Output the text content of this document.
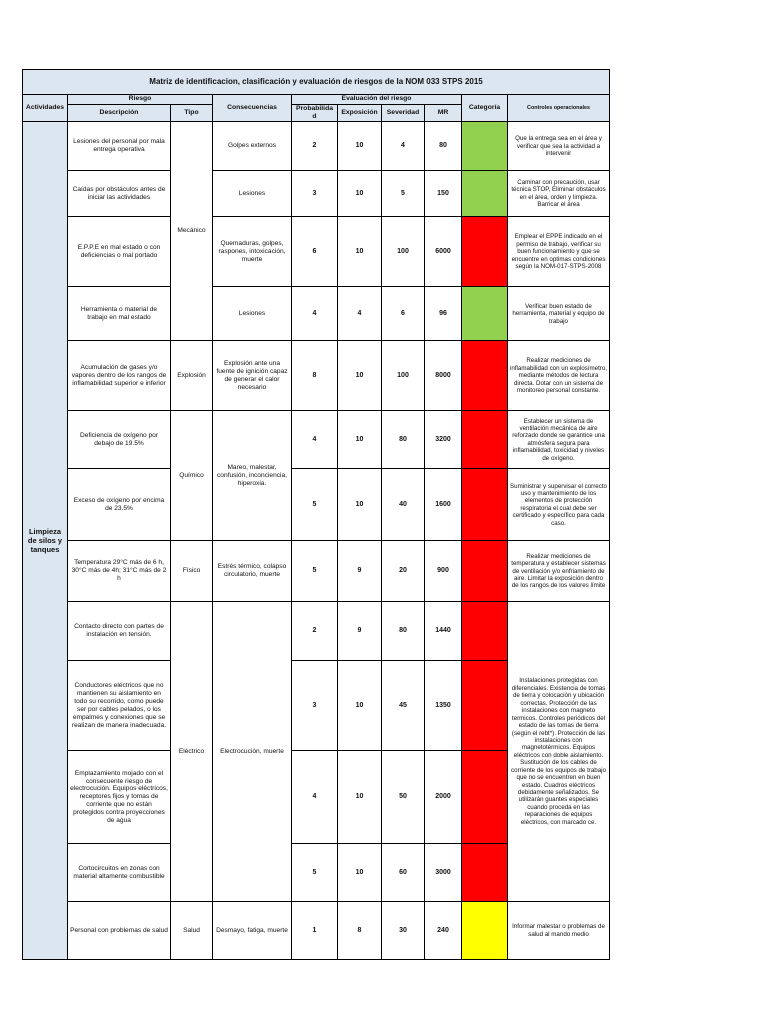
Matriz de identificacion, clasificación y evaluación de riesgos de la NOM 033 STPS 2015									
Actividades	Riesgo		Consecuencias	Evaluación del riesgo				Categoría	Controles operacionales
	Descripción	Tipo		Probabilidad	Exposición	Severidad	MR		
Limpieza de silos y tanques	Lesiones del personal por mala entrega operativa	Mecánico	Golpes externos	2	10	4	80		Que la entrega sea en el área y verificar que sea la actividad a intervenir
	Caídas por obstáculos antes de iniciar las actividades		Lesiones	3	10	5	150		Caminar con precaución, usar técnica STOP, Eliminar obstáculos en el área, orden y limpieza. Barricar el área
	E.P.P.E en mal estado o con deficiencias o mal portado		Quemaduras, golpes, raspones, intoxicación, muerte	6	10	100	6000		Emplear el EPPE indicado en el permiso de trabajo, verificar su buen funcionamiento y que se encuentre en optimas condiciones según la NOM-017-STPS-2008
	Herramienta o material de trabajo en mal estado		Lesiones	4	4	6	96		Verificar buen estado de herramienta, material y equipo de trabajo
	Acumulación de gases y/o vapores dentro de los rangos de inflamabilidad superior e inferior	Explosión	Explosión ante una fuente de ignición capaz de generar el calor necesario	8	10	100	8000		Realizar mediciones de inflamabilidad con un explosímetro, mediante métodos de lectura directa. Dotar con un sistema de monitoreo personal constante.
	Deficiencia de oxígeno por debajo de 19.5%	Químico	Mareo, malestar, confusión, inconciencia, hiperoxia.	4	10	80	3200		Establecer un sistema de ventilación mecánica de aire reforzado donde se garantice una atmósfera segura para inflamabilidad, toxicidad y niveles de oxígeno.
	Exceso de oxígeno por encima de 23.5%			5	10	40	1600		Suministrar y supervisar el correcto uso y mantenimiento de los elementos de protección respiratoria el cual debe ser certificado y específico para cada caso.
	Temperatura 29°C más de 6 h, 30°C más de 4h; 31°C más de 2 h	Físico	Estrés térmico, colapso circulatorio, muerte	5	9	20	900		Realizar mediciones de temperatura y establecer sistemas de ventilación y/o enfriamiento de aire. Limitar la exposición dentro de los rangos de los valores límite
	Contacto directo con partes de instalación en tensión.	Eléctrico	Electrocución, muerte	2	9	80	1440		Instalaciones protegidas con diferenciales. Existencia de tomas de tierra y colocación y ubicación correctas. Protección de las instalaciones con magneto termicos. Controles periódicos del estado de las tomas de tierra (según el rebt*). Protección de las instalaciones con magnetotérmicos. Equipos eléctricos con doble aislamiento. Sustitución de los cables de corriente de los equipos de trabajo que no se encuentren en buen estado. Cuadros eléctricos debidamente señalizados. Se utilizarán guantes especiales cuando proceda en las reparaciones de equipos eléctricos, con marcado ce.
	Conductores eléctricos que no mantienen su aislamiento en todo su recorrido, como puede ser por cables pelados, o los empalmes y conexiones que se realizan de manera inadecuada.			3	10	45	1350		
	Emplazamiento mojado con el consecuente riesgo de electrocución. Equipos eléctricos, receptores fijos y tomas de corriente que no están protegidos contra proyecciones de agua			4	10	50	2000		
	Cortocircuitos en zonas con material altamente combustible			5	10	60	3000		
	Personal con problemas de salud	Salud	Desmayo, fatiga, muerte	1	8	30	240		Informar malestar o problemas de salud al mando medio
